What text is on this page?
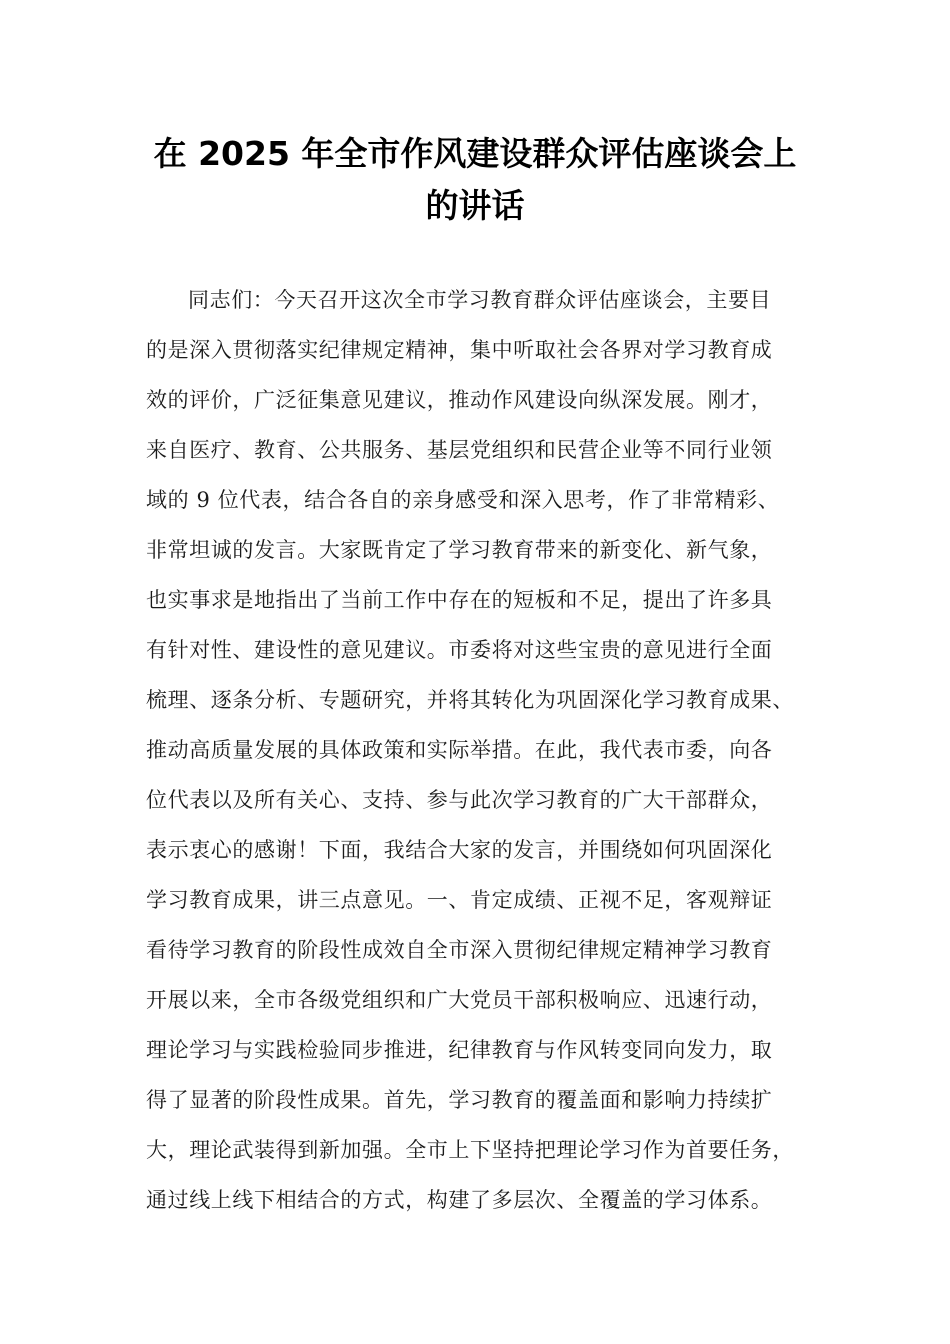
在 2025 年全市作风建设群众评估座谈会上
的讲话
同志们：今天召开这次全市学习教育群众评估座谈会，主要目
的是深入贯彻落实纪律规定精神，集中听取社会各界对学习教育成
效的评价，广泛征集意见建议，推动作风建设向纵深发展。刚才，
来自医疗、教育、公共服务、基层党组织和民营企业等不同行业领
域的 9 位代表，结合各自的亲身感受和深入思考，作了非常精彩、
非常坦诚的发言。大家既肯定了学习教育带来的新变化、新气象，
也实事求是地指出了当前工作中存在的短板和不足，提出了许多具
有针对性、建设性的意见建议。市委将对这些宝贵的意见进行全面
梳理、逐条分析、专题研究，并将其转化为巩固深化学习教育成果、
推动高质量发展的具体政策和实际举措。在此，我代表市委，向各
位代表以及所有关心、支持、参与此次学习教育的广大干部群众，
表示衷心的感谢！下面，我结合大家的发言，并围绕如何巩固深化
学习教育成果，讲三点意见。一、肯定成绩、正视不足，客观辩证
看待学习教育的阶段性成效自全市深入贯彻纪律规定精神学习教育
开展以来，全市各级党组织和广大党员干部积极响应、迅速行动，
理论学习与实践检验同步推进，纪律教育与作风转变同向发力，取
得了显著的阶段性成果。首先，学习教育的覆盖面和影响力持续扩
大，理论武装得到新加强。全市上下坚持把理论学习作为首要任务，
通过线上线下相结合的方式，构建了多层次、全覆盖的学习体系。
